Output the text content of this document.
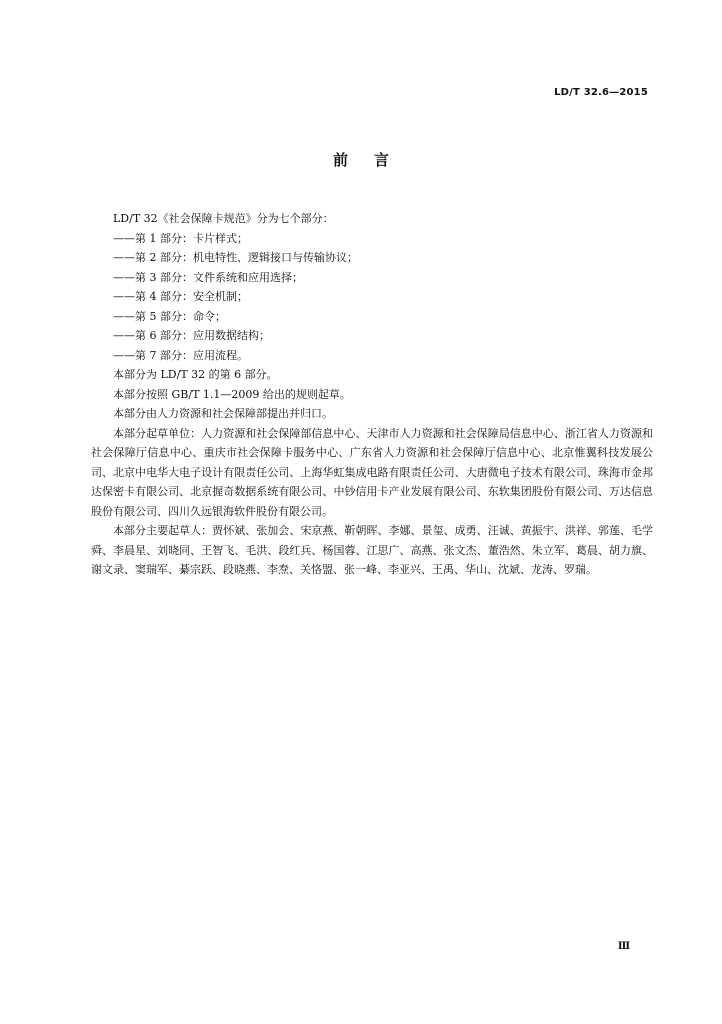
LD/T 32.6—2015
前言
LD/T 32《社会保障卡规范》分为七个部分：
——第 1 部分：卡片样式；
——第 2 部分：机电特性、逻辑接口与传输协议；
——第 3 部分：文件系统和应用选择；
——第 4 部分：安全机制；
——第 5 部分：命令；
——第 6 部分：应用数据结构；
——第 7 部分：应用流程。
本部分为 LD/T 32 的第 6 部分。
本部分按照 GB/T 1.1—2009 给出的规则起草。
本部分由人力资源和社会保障部提出并归口。
本部分起草单位：人力资源和社会保障部信息中心、天津市人力资源和社会保障局信息中心、浙江省人力资源和社会保障厅信息中心、重庆市社会保障卡服务中心、广东省人力资源和社会保障厅信息中心、北京惟翼科技发展公司、北京中电华大电子设计有限责任公司、上海华虹集成电路有限责任公司、大唐微电子技术有限公司、珠海市金邦达保密卡有限公司、北京握奇数据系统有限公司、中钞信用卡产业发展有限公司、东软集团股份有限公司、万达信息股份有限公司、四川久远银海软件股份有限公司。
本部分主要起草人：贾怀斌、张加会、宋京燕、靳朝晖、李娜、景玺、成勇、汪诚、黄振宇、洪祥、郭莲、毛学舜、李晨星、刘晓同、王智飞、毛洪、段红兵、杨国蓉、江思广、高燕、张文杰、董浩然、朱立军、葛晨、胡力旗、谢文录、窦瑞军、綦宗跃、段晓燕、李焘、关恪盟、张一峰、李亚兴、王禹、华山、沈斌、龙涛、罗瑞。
Ⅲ
